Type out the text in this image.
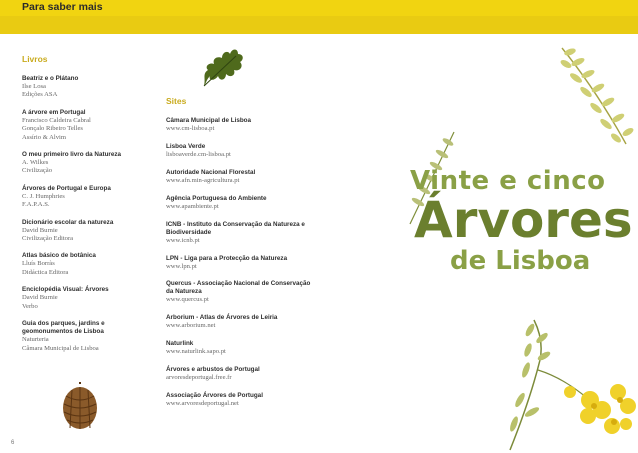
Para saber mais
Livros
Beatriz e o Plátano
Ilse Losa
Edições ASA
A árvore em Portugal
Francisco Caldeira Cabral
Gonçalo Ribeiro Telles
Assírio & Alvim
O meu primeiro livro da Natureza
A. Wilkes
Civilização
Árvores de Portugal e Europa
C. J. Humphries
F.A.P.A.S.
Dicionário escolar da natureza
David Burnie
Civilização Editora
Atlas básico de botânica
Lluís Borràs
Didáctica Editora
Enciclopédia Visual: Árvores
David Burnie
Verbo
Guia dos parques, jardins e geomonumentos de Lisboa
Naturteria
Câmara Municipal de Lisboa
Sites
Câmara Municipal de Lisboa
www.cm-lisboa.pt
Lisboa Verde
lisboaverde.cm-lisboa.pt
Autoridade Nacional Florestal
www.afn.min-agricultura.pt
Agência Portuguesa do Ambiente
www.apambiente.pt
ICNB - Instituto da Conservação da Natureza e Biodiversidade
www.icnb.pt
LPN - Liga para a Protecção da Natureza
www.lpn.pt
Quercus - Associação Nacional de Conservação da Natureza
www.quercus.pt
Arborium - Atlas de Árvores de Leiria
www.arborium.net
Naturlink
www.naturlink.sapo.pt
Árvores e arbustos de Portugal
arvoresdeportugal.free.fr
Associação Árvores de Portugal
www.arvoresdeportugal.net
Vinte e cinco
Árvores
de Lisboa
6
